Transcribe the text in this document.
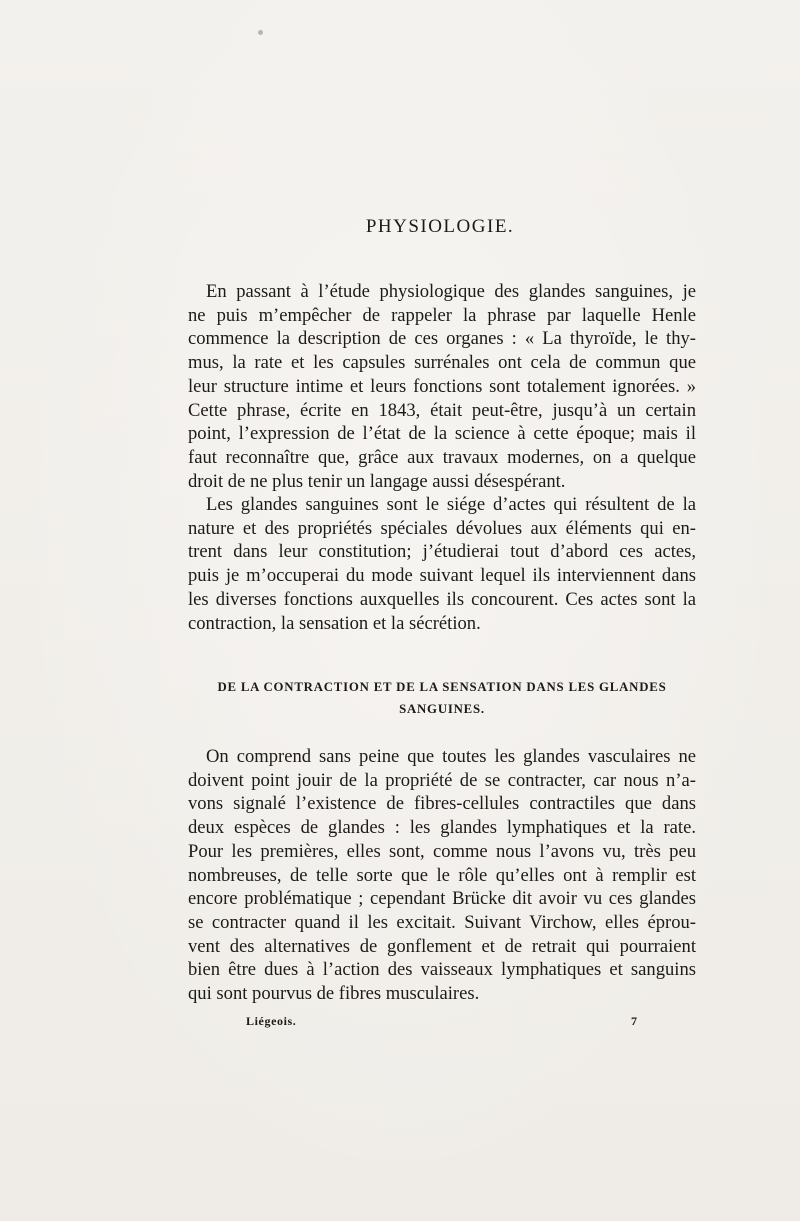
PHYSIOLOGIE.

En passant à l’étude physiologique des glandes sanguines, je
ne puis m’empêcher de rappeler la phrase par laquelle Henle
commence la description de ces organes : « La thyroïde, le thy-
mus, la rate et les capsules surrénales ont cela de commun que
leur structure intime et leurs fonctions sont totalement ignorées. »
Cette phrase, écrite en 1843, était peut-être, jusqu’à un certain
point, l’expression de l’état de la science à cette époque; mais il
faut reconnaître que, grâce aux travaux modernes, on a quelque
droit de ne plus tenir un langage aussi désespérant.

Les glandes sanguines sont le siége d’actes qui résultent de la
nature et des propriétés spéciales dévolues aux éléments qui en-
trent dans leur constitution; j’étudierai tout d’abord ces actes,
puis je m’occuperai du mode suivant lequel ils interviennent dans
les diverses fonctions auxquelles ils concourent. Ces actes sont la
contraction, la sensation et la sécrétion.

DE LA CONTRACTION ET DE LA SENSATION DANS LES GLANDES
SANGUINES.

On comprend sans peine que toutes les glandes vasculaires ne
doivent point jouir de la propriété de se contracter, car nous n’a-
vons signalé l’existence de fibres-cellules contractiles que dans
deux espèces de glandes : les glandes lymphatiques et la rate.
Pour les premières, elles sont, comme nous l’avons vu, très peu
nombreuses, de telle sorte que le rôle qu’elles ont à remplir est
encore problématique ; cependant Brücke dit avoir vu ces glandes
se contracter quand il les excitait. Suivant Virchow, elles éprou-
vent des alternatives de gonflement et de retrait qui pourraient
bien être dues à l’action des vaisseaux lymphatiques et sanguins
qui sont pourvus de fibres musculaires.

Liégeois.	7
